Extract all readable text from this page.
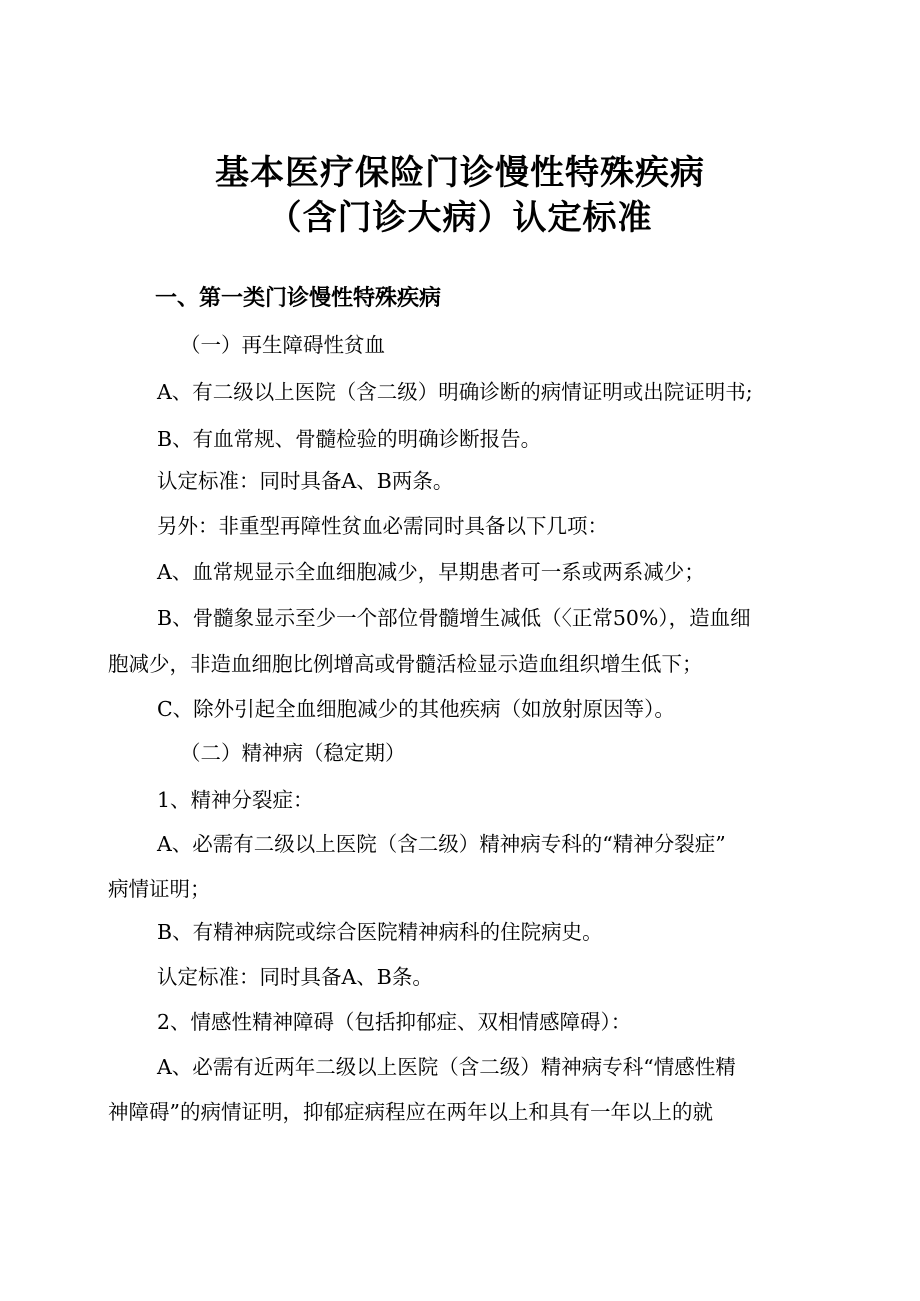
基本医疗保险门诊慢性特殊疾病
（含门诊大病）认定标准
一、第一类门诊慢性特殊疾病
（一）再生障碍性贫血
A、有二级以上医院（含二级）明确诊断的病情证明或出院证明书;
B、有血常规、骨髓检验的明确诊断报告。
认定标准：同时具备A、B两条。
另外：非重型再障性贫血必需同时具备以下几项：
A、血常规显示全血细胞减少，早期患者可一系或两系减少；
B、骨髓象显示至少一个部位骨髓增生减低（〈正常50%），造血细
胞减少，非造血细胞比例增高或骨髓活检显示造血组织增生低下；
C、除外引起全血细胞减少的其他疾病（如放射原因等）。
（二）精神病（稳定期）
1、精神分裂症：
A、必需有二级以上医院（含二级）精神病专科的“精神分裂症”
病情证明；
B、有精神病院或综合医院精神病科的住院病史。
认定标准：同时具备A、B条。
2、情感性精神障碍（包括抑郁症、双相情感障碍）：
A、必需有近两年二级以上医院（含二级）精神病专科“情感性精
神障碍”的病情证明，抑郁症病程应在两年以上和具有一年以上的就
